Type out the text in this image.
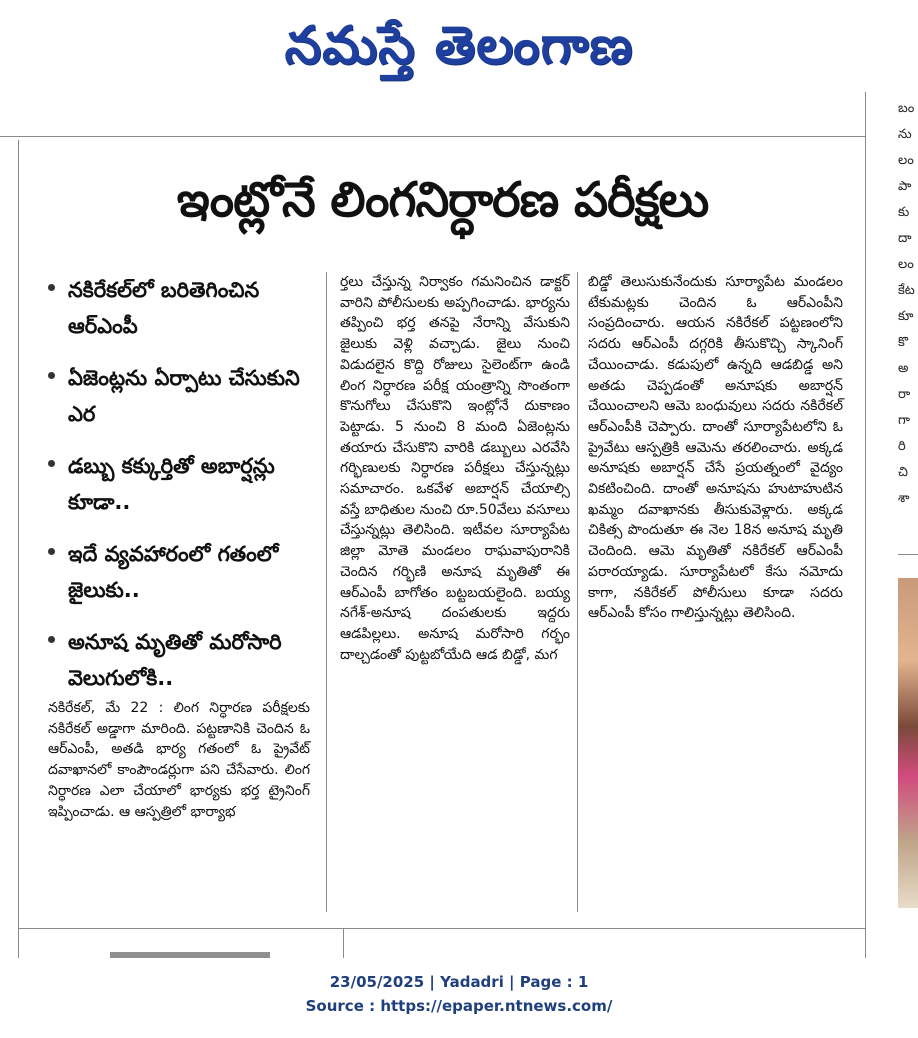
నమస్తే తెలంగాణ
ఇంట్లోనే లింగనిర్ధారణ పరీక్షలు
నకిరేకల్‌లో బరితెగించిన ఆర్‌ఎంపీ
ఏజెంట్లను ఏర్పాటు చేసుకుని ఎర
డబ్బు కక్కుర్తితో అబార్షన్లు కూడా..
ఇదే వ్యవహారంలో గతంలో జైలుకు..
అనూష మృతితో మరోసారి వెలుగులోకి..
నకిరేకల్, మే 22 : లింగ నిర్ధారణ పరీక్షలకు నకిరేకల్ అడ్డాగా మారింది. పట్టణానికి చెందిన ఓ ఆర్‌ఎంపీ, అతడి భార్య గతంలో ఓ ప్రైవేట్ దవాఖానలో కాంపౌండర్లుగా పని చేసేవారు. లింగ నిర్ధారణ ఎలా చేయాలో భార్యకు భర్త ట్రైనింగ్ ఇప్పించాడు. ఆ ఆస్పత్రిలో భార్యాభ
ర్తలు చేస్తున్న నిర్వాకం గమనించిన డాక్టర్ వారిని పోలీసులకు అప్పగించాడు. భార్యను తప్పించి భర్త తనపై నేరాన్ని వేసుకుని జైలుకు వెళ్లి వచ్చాడు. జైలు నుంచి విడుదలైన కొద్ది రోజులు సైలెంట్‌గా ఉండి లింగ నిర్ధారణ పరీక్ష యంత్రాన్ని సొంతంగా కొనుగోలు చేసుకొని ఇంట్లోనే దుకాణం పెట్టాడు. 5 నుంచి 8 మంది ఏజెంట్లను తయారు చేసుకొని వారికి డబ్బులు ఎరవేసి గర్భిణులకు నిర్ధారణ పరీక్షలు చేస్తున్నట్లు సమాచారం. ఒకవేళ అబార్షన్ చేయాల్సి వస్తే బాధితుల నుంచి రూ.50వేలు వసూలు చేస్తున్నట్లు తెలిసింది. ఇటీవల సూర్యాపేట జిల్లా మోతె మండలం రాఘవాపురానికి చెందిన గర్భిణి అనూష మృతితో ఈ ఆర్‌ఎంపీ బాగోతం బట్టబయలైంది. బయ్య నగేశ్-అనూష దంపతులకు ఇద్దరు ఆడపిల్లలు. అనూష మరోసారి గర్భం దాల్చడంతో పుట్టబోయేది ఆడ బిడ్డో, మగ
బిడ్డో తెలుసుకునేందుకు సూర్యాపేట మండలం టేకుమట్లకు చెందిన ఓ ఆర్‌ఎంపీని సంప్రదించారు. ఆయన నకిరేకల్ పట్టణంలోని సదరు ఆర్‌ఎంపీ దగ్గరికి తీసుకొచ్చి స్కానింగ్ చేయించాడు. కడుపులో ఉన్నది ఆడబిడ్డ అని అతడు చెప్పడంతో అనూషకు అబార్షన్ చేయించాలని ఆమె బంధువులు సదరు నకిరేకల్ ఆర్‌ఎంపీకి చెప్పారు. దాంతో సూర్యాపేటలోని ఓ ప్రైవేటు ఆస్పత్రికి ఆమెను తరలించారు. అక్కడ అనూషకు అబార్షన్ చేసే ప్రయత్నంలో వైద్యం వికటించింది. దాంతో అనూషను హుటాహుటిన ఖమ్మం దవాఖానకు తీసుకువెళ్లారు. అక్కడ చికిత్స పొందుతూ ఈ నెల 18న అనూష మృతి చెందింది. ఆమె మృతితో నకిరేకల్ ఆర్‌ఎంపీ పరారయ్యాడు. సూర్యాపేటలో కేసు నమోదు కాగా, నకిరేకల్ పోలీసులు కూడా సదరు ఆర్‌ఎంపీ కోసం గాలిస్తున్నట్లు తెలిసింది.
బం
ను
లం
పా
కు
దా
లం
కేట
కూ
కొ
అ
రా
గా
రి
చి
శా
23/05/2025 | Yadadri | Page : 1
Source : https://epaper.ntnews.com/
